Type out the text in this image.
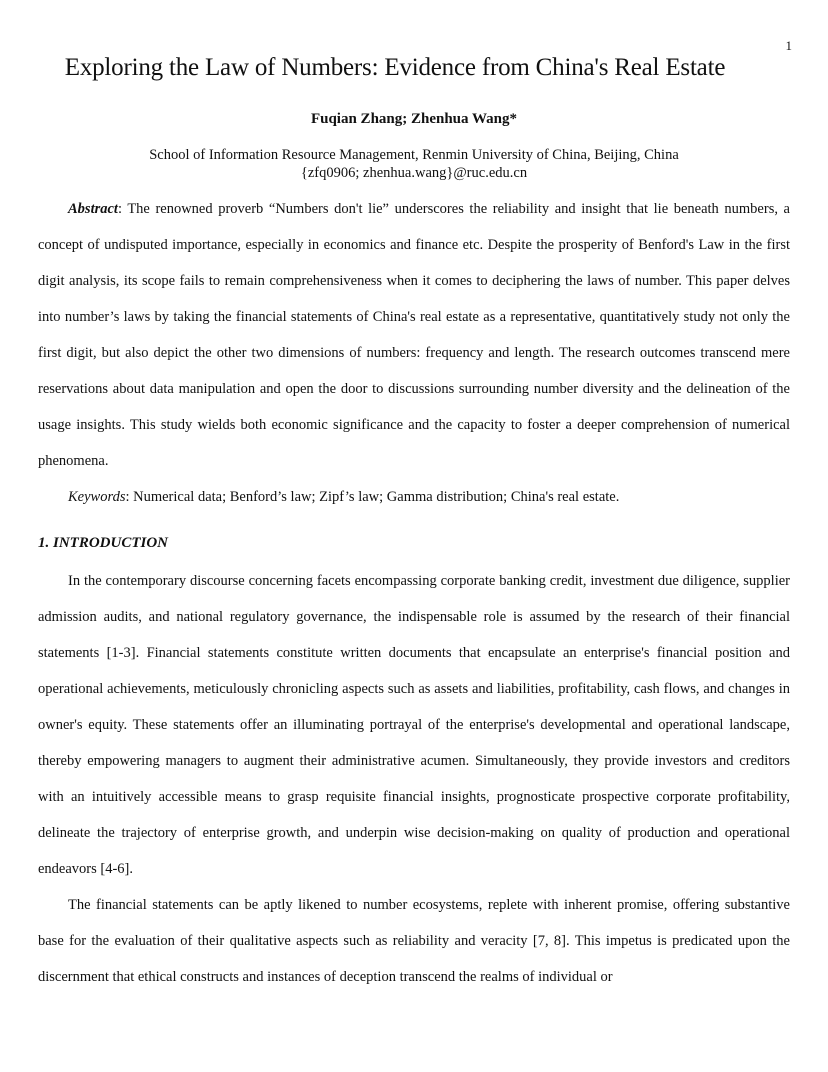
1
Exploring the Law of Numbers: Evidence from China's Real Estate
Fuqian Zhang; Zhenhua Wang*
School of Information Resource Management, Renmin University of China, Beijing, China
{zfq0906; zhenhua.wang}@ruc.edu.cn

Abstract: The renowned proverb “Numbers don't lie” underscores the reliability and insight that lie beneath numbers, a concept of undisputed importance, especially in economics and finance etc. Despite the prosperity of Benford's Law in the first digit analysis, its scope fails to remain comprehensiveness when it comes to deciphering the laws of number. This paper delves into number’s laws by taking the financial statements of China's real estate as a representative, quantitatively study not only the first digit, but also depict the other two dimensions of numbers: frequency and length. The research outcomes transcend mere reservations about data manipulation and open the door to discussions surrounding number diversity and the delineation of the usage insights. This study wields both economic significance and the capacity to foster a deeper comprehension of numerical phenomena.

Keywords: Numerical data; Benford’s law; Zipf’s law; Gamma distribution; China's real estate.

1. INTRODUCTION

In the contemporary discourse concerning facets encompassing corporate banking credit, investment due diligence, supplier admission audits, and national regulatory governance, the indispensable role is assumed by the research of their financial statements [1-3]. Financial statements constitute written documents that encapsulate an enterprise's financial position and operational achievements, meticulously chronicling aspects such as assets and liabilities, profitability, cash flows, and changes in owner's equity. These statements offer an illuminating portrayal of the enterprise's developmental and operational landscape, thereby empowering managers to augment their administrative acumen. Simultaneously, they provide investors and creditors with an intuitively accessible means to grasp requisite financial insights, prognosticate prospective corporate profitability, delineate the trajectory of enterprise growth, and underpin wise decision-making on quality of production and operational endeavors [4-6].

The financial statements can be aptly likened to number ecosystems, replete with inherent promise, offering substantive base for the evaluation of their qualitative aspects such as reliability and veracity [7, 8]. This impetus is predicated upon the discernment that ethical constructs and instances of deception transcend the realms of individual or
